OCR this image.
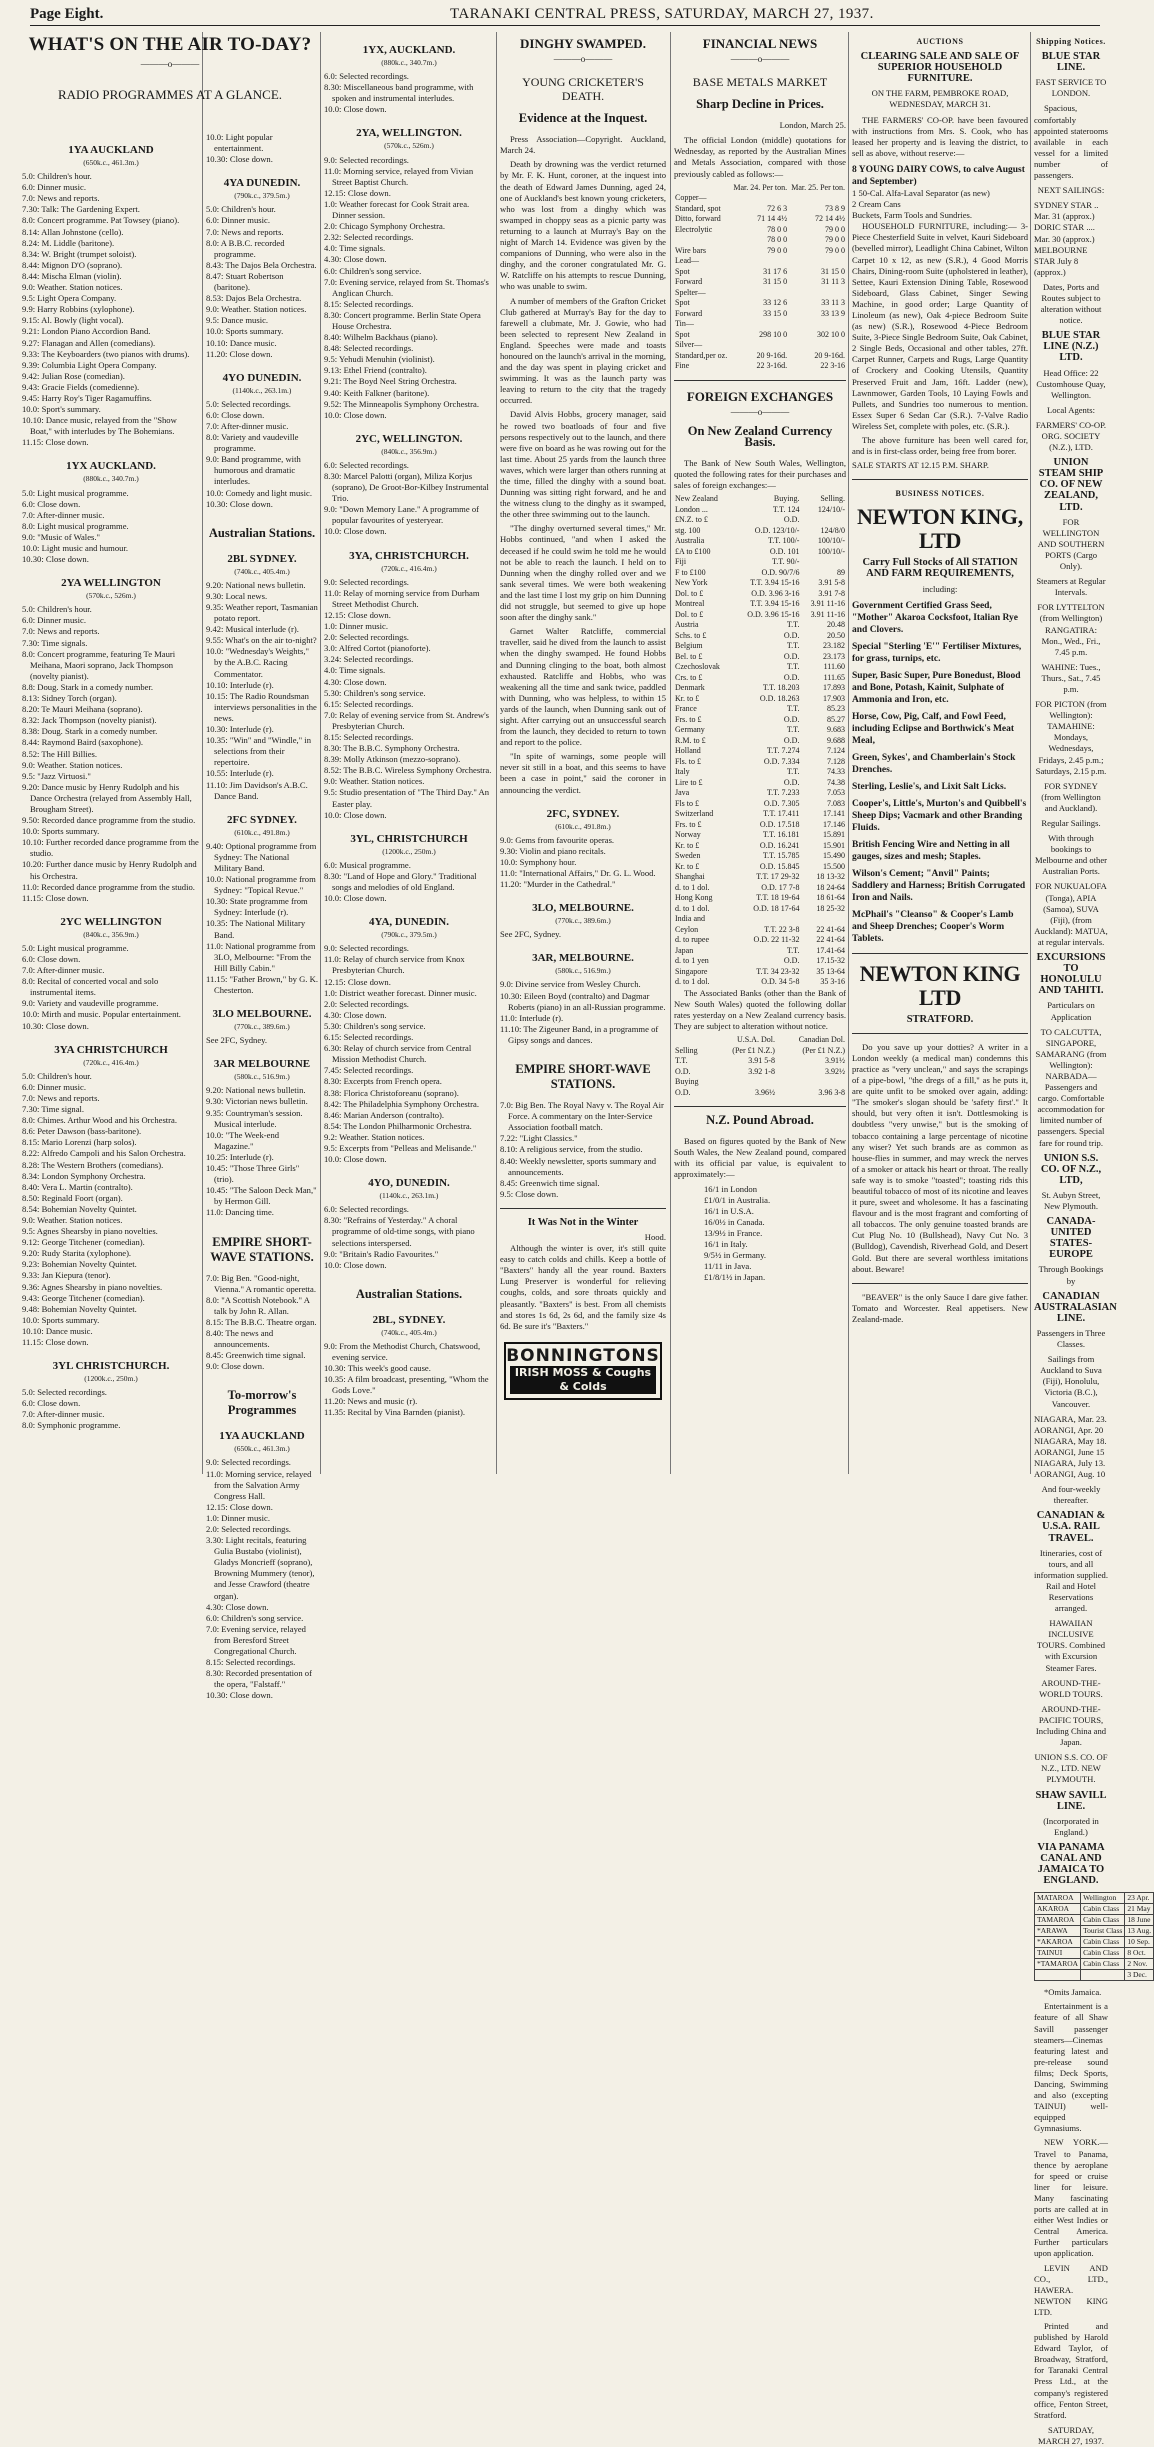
Page Eight.	TARANAKI CENTRAL PRESS, SATURDAY, MARCH 27, 1937.
WHAT'S ON THE AIR TO-DAY?
———o———
RADIO PROGRAMMES AT A GLANCE.
1YA AUCKLAND
(650k.c., 461.3m.)
5.0: Children's hour.
6.0: Dinner music.
7.0: News and reports.
7.30: Talk: The Gardening Expert.
8.0: Concert programme. Pat Towsey (piano).
8.14: Allan Johnstone (cello).
8.24: M. Liddle (baritone).
8.34: W. Bright (trumpet soloist).
8.44: Mignon D'O (soprano).
8.44: Mischa Elman (violin).
9.0: Weather. Station notices.
9.5: Light Opera Company.
9.9: Harry Robbins (xylophone).
9.15: Al. Bowly (light vocal).
9.21: London Piano Accordion Band.
9.27: Flanagan and Allen (comedians).
9.33: The Keyboarders (two pianos with drums).
9.39: Columbia Light Opera Company.
9.42: Julian Rose (comedian).
9.43: Gracie Fields (comedienne).
9.45: Harry Roy's Tiger Ragamuffins.
10.0: Sport's summary.
10.10: Dance music, relayed from the "Show Boat," with interludes by The Bohemians.
11.15: Close down.
1YX AUCKLAND.
(880k.c., 340.7m.)
5.0: Light musical programme.
6.0: Close down.
7.0: After-dinner music.
8.0: Light musical programme.
9.0: "Music of Wales."
10.0: Light music and humour.
10.30: Close down.
2YA WELLINGTON
(570k.c., 526m.)
5.0: Children's hour.
6.0: Dinner music.
7.0: News and reports.
7.30: Time signals.
8.0: Concert programme, featuring Te Mauri Meihana, Maori soprano, Jack Thompson (novelty pianist).
8.8: Doug. Stark in a comedy number.
8.13: Sidney Torch (organ).
8.20: Te Mauri Meihana (soprano).
8.32: Jack Thompson (novelty pianist).
8.38: Doug. Stark in a comedy number.
8.44: Raymond Baird (saxophone).
8.52: The Hill Billies.
9.0: Weather. Station notices.
9.5: "Jazz Virtuosi."
9.20: Dance music by Henry Rudolph and his Dance Orchestra (relayed from Assembly Hall, Brougham Street).
9.50: Recorded dance programme from the studio.
10.0: Sports summary.
10.10: Further recorded dance programme from the studio.
10.20: Further dance music by Henry Rudolph and his Orchestra.
11.0: Recorded dance programme from the studio.
11.15: Close down.
2YC WELLINGTON
(840k.c., 356.9m.)
5.0: Light musical programme.
6.0: Close down.
7.0: After-dinner music.
8.0: Recital of concerted vocal and solo instrumental items.
9.0: Variety and vaudeville programme.
10.0: Mirth and music. Popular entertainment.
10.30: Close down.
3YA CHRISTCHURCH
(720k.c., 416.4m.)
5.0: Children's hour.
6.0: Dinner music.
7.0: News and reports.
7.30: Time signal.
8.0: Chimes. Arthur Wood and his Orchestra.
8.6: Peter Dawson (bass-baritone).
8.15: Mario Lorenzi (harp solos).
8.22: Alfredo Campoli and his Salon Orchestra.
8.28: The Western Brothers (comedians).
8.34: London Symphony Orchestra.
8.40: Vera L. Martin (contralto).
8.50: Reginald Foort (organ).
8.54: Bohemian Novelty Quintet.
9.0: Weather. Station notices.
9.5: Agnes Shearsby in piano novelties.
9.12: George Titchener (comedian).
9.20: Rudy Starita (xylophone).
9.23: Bohemian Novelty Quintet.
9.33: Jan Kiepura (tenor).
9.36: Agnes Shearsby in piano novelties.
9.43: George Titchener (comedian).
9.48: Bohemian Novelty Quintet.
10.0: Sports summary.
10.10: Dance music.
11.15: Close down.
3YL CHRISTCHURCH.
(1200k.c., 250m.)
5.0: Selected recordings.
6.0: Close down.
7.0: After-dinner music.
8.0: Symphonic programme.
10.0: Light popular entertainment.
10.30: Close down.
4YA DUNEDIN.
(790k.c., 379.5m.)
5.0: Children's hour.
6.0: Dinner music.
7.0: News and reports.
8.0: A B.B.C. recorded programme.
8.43: The Dajos Bela Orchestra.
8.47: Stuart Robertson (baritone).
8.53: Dajos Bela Orchestra.
9.0: Weather. Station notices.
9.5: Dance music.
10.0: Sports summary.
10.10: Dance music.
11.20: Close down.
4YO DUNEDIN.
(1140k.c., 263.1m.)
5.0: Selected recordings.
6.0: Close down.
7.0: After-dinner music.
8.0: Variety and vaudeville programme.
9.0: Band programme, with humorous and dramatic interludes.
10.0: Comedy and light music.
10.30: Close down.
Australian Stations.
2BL SYDNEY.
(740k.c., 405.4m.)
9.20: National news bulletin.
9.30: Local news.
9.35: Weather report, Tasmanian potato report.
9.42: Musical interlude (r).
9.55: What's on the air to-night?
10.0: "Wednesday's Weights," by the A.B.C. Racing Commentator.
10.10: Interlude (r).
10.15: The Radio Roundsman interviews personalities in the news.
10.30: Interlude (r).
10.35: "Win" and "Windle," in selections from their repertoire.
10.55: Interlude (r).
11.10: Jim Davidson's A.B.C. Dance Band.
2FC SYDNEY.
(610k.c., 491.8m.)
9.40: Optional programme from Sydney: The National Military Band.
10.0: National programme from Sydney: "Topical Revue."
10.30: State programme from Sydney: Interlude (r).
10.35: The National Military Band.
11.0: National programme from 3LO, Melbourne: "From the Hill Billy Cabin."
11.15: "Father Brown," by G. K. Chesterton.
3LO MELBOURNE.
(770k.c., 389.6m.)
See 2FC, Sydney.
3AR MELBOURNE
(580k.c., 516.9m.)
9.20: National news bulletin.
9.30: Victorian news bulletin.
9.35: Countryman's session. Musical interlude.
10.0: "The Week-end Magazine."
10.25: Interlude (r).
10.45: "Those Three Girls" (trio).
10.45: "The Saloon Deck Man," by Hermon Gill.
11.0: Dancing time.
EMPIRE SHORT-WAVE STATIONS.
7.0: Big Ben. "Good-night, Vienna." A romantic operetta.
8.0: "A Scottish Notebook." A talk by John R. Allan.
8.15: The B.B.C. Theatre organ.
8.40: The news and announcements.
8.45: Greenwich time signal.
9.0: Close down.
To-morrow's Programmes
1YA AUCKLAND
(650k.c., 461.3m.)
9.0: Selected recordings.
11.0: Morning service, relayed from the Salvation Army Congress Hall.
12.15: Close down.
1.0: Dinner music.
2.0: Selected recordings.
3.30: Light recitals, featuring Gulia Bustabo (violinist), Gladys Moncrieff (soprano), Browning Mummery (tenor), and Jesse Crawford (theatre organ).
4.30: Close down.
6.0: Children's song service.
7.0: Evening service, relayed from Beresford Street Congregational Church.
8.15: Selected recordings.
8.30: Recorded presentation of the opera, "Falstaff."
10.30: Close down.
1YX, AUCKLAND.
(880k.c., 340.7m.)
6.0: Selected recordings.
8.30: Miscellaneous band programme, with spoken and instrumental interludes.
10.0: Close down.
2YA, WELLINGTON.
(570k.c., 526m.)
9.0: Selected recordings.
11.0: Morning service, relayed from Vivian Street Baptist Church.
12.15: Close down.
1.0: Weather forecast for Cook Strait area. Dinner session.
2.0: Chicago Symphony Orchestra.
2.32: Selected recordings.
4.0: Time signals.
4.30: Close down.
6.0: Children's song service.
7.0: Evening service, relayed from St. Thomas's Anglican Church.
8.15: Selected recordings.
8.30: Concert programme. Berlin State Opera House Orchestra.
8.40: Wilhelm Backhaus (piano).
8.48: Selected recordings.
9.5: Yehudi Menuhin (violinist).
9.13: Ethel Friend (contralto).
9.21: The Boyd Neel String Orchestra.
9.40: Keith Falkner (baritone).
9.52: The Minneapolis Symphony Orchestra.
10.0: Close down.
2YC, WELLINGTON.
(840k.c., 356.9m.)
6.0: Selected recordings.
8.30: Marcel Palotti (organ), Miliza Korjus (soprano), De Groot-Bor-Kilbey Instrumental Trio.
9.0: "Down Memory Lane." A programme of popular favourites of yesteryear.
10.0: Close down.
3YA, CHRISTCHURCH.
(720k.c., 416.4m.)
9.0: Selected recordings.
11.0: Relay of morning service from Durham Street Methodist Church.
12.15: Close down.
1.0: Dinner music.
2.0: Selected recordings.
3.0: Alfred Cortot (pianoforte).
3.24: Selected recordings.
4.0: Time signals.
4.30: Close down.
5.30: Children's song service.
6.15: Selected recordings.
7.0: Relay of evening service from St. Andrew's Presbyterian Church.
8.15: Selected recordings.
8.30: The B.B.C. Symphony Orchestra.
8.39: Molly Atkinson (mezzo-soprano).
8.52: The B.B.C. Wireless Symphony Orchestra.
9.0: Weather. Station notices.
9.5: Studio presentation of "The Third Day." An Easter play.
10.0: Close down.
3YL, CHRISTCHURCH
(1200k.c., 250m.)
6.0: Musical programme.
8.30: "Land of Hope and Glory." Traditional songs and melodies of old England.
10.0: Close down.
4YA, DUNEDIN.
(790k.c., 379.5m.)
9.0: Selected recordings.
11.0: Relay of church service from Knox Presbyterian Church.
12.15: Close down.
1.0: District weather forecast. Dinner music.
2.0: Selected recordings.
4.30: Close down.
5.30: Children's song service.
6.15: Selected recordings.
6.30: Relay of church service from Central Mission Methodist Church.
7.45: Selected recordings.
8.30: Excerpts from French opera.
8.38: Florica Christoforeanu (soprano).
8.42: The Philadelphia Symphony Orchestra.
8.46: Marian Anderson (contralto).
8.54: The London Philharmonic Orchestra.
9.2: Weather. Station notices.
9.5: Excerpts from "Pelleas and Melisande."
10.0: Close down.
4YO, DUNEDIN.
(1140k.c., 263.1m.)
6.0: Selected recordings.
8.30: "Refrains of Yesterday." A choral programme of old-time songs, with piano selections interspersed.
9.0: "Britain's Radio Favourites."
10.0: Close down.
Australian Stations.
2BL, SYDNEY.
(740k.c., 405.4m.)
9.0: From the Methodist Church, Chatswood, evening service.
10.30: This week's good cause.
10.35: A film broadcast, presenting, "Whom the Gods Love."
11.20: News and music (r).
11.35: Recital by Vina Barnden (pianist).
DINGHY SWAMPED.
———o———
YOUNG CRICKETER'S DEATH.
Evidence at the Inquest.
Press Association—Copyright. Auckland, March 24.
Death by drowning was the verdict returned by Mr. F. K. Hunt, coroner, at the inquest into the death of Edward James Dunning, aged 24, one of Auckland's best known young cricketers, who was lost from a dinghy which was swamped in choppy seas as a picnic party was returning to a launch at Murray's Bay on the night of March 14. Evidence was given by the companions of Dunning, who were also in the dinghy, and the coroner congratulated Mr. G. W. Ratcliffe on his attempts to rescue Dunning, who was unable to swim.
A number of members of the Grafton Cricket Club gathered at Murray's Bay for the day to farewell a clubmate, Mr. J. Gowie, who had been selected to represent New Zealand in England. Speeches were made and toasts honoured on the launch's arrival in the morning, and the day was spent in playing cricket and swimming. It was as the launch party was leaving to return to the city that the tragedy occurred.
David Alvis Hobbs, grocery manager, said he rowed two boatloads of four and five persons respectively out to the launch, and there were five on board as he was rowing out for the last time. About 25 yards from the launch three waves, which were larger than others running at the time, filled the dinghy with a sound boat. Dunning was sitting right forward, and he and the witness clung to the dinghy as it swamped, the other three swimming out to the launch.
"The dinghy overturned several times," Mr. Hobbs continued, "and when I asked the deceased if he could swim he told me he would not be able to reach the launch. I held on to Dunning when the dinghy rolled over and we sank several times. We were both weakening and the last time I lost my grip on him Dunning did not struggle, but seemed to give up hope soon after the dinghy sank."
Garnet Walter Ratcliffe, commercial traveller, said he dived from the launch to assist when the dinghy swamped. He found Hobbs and Dunning clinging to the boat, both almost exhausted. Ratcliffe and Hobbs, who was weakening all the time and sank twice, paddled with Dunning, who was helpless, to within 15 yards of the launch, when Dunning sank out of sight. After carrying out an unsuccessful search from the launch, they decided to return to town and report to the police.
"In spite of warnings, some people will never sit still in a boat, and this seems to have been a case in point," said the coroner in announcing the verdict.
2FC, SYDNEY.
(610k.c., 491.8m.)
9.0: Gems from favourite operas.
9.30: Violin and piano recitals.
10.0: Symphony hour.
11.0: "International Affairs," Dr. G. L. Wood.
11.20: "Murder in the Cathedral."
3LO, MELBOURNE.
(770k.c., 389.6m.)
See 2FC, Sydney.
3AR, MELBOURNE.
(580k.c., 516.9m.)
9.0: Divine service from Wesley Church.
10.30: Eileen Boyd (contralto) and Dagmar Roberts (piano) in an all-Russian programme.
11.0: Interlude (r).
11.10: The Zigeuner Band, in a programme of Gipsy songs and dances.
EMPIRE SHORT-WAVE STATIONS.
7.0: Big Ben. The Royal Navy v. The Royal Air Force. A commentary on the Inter-Service Association football match.
7.22: "Light Classics."
8.10: A religious service, from the studio.
8.40: Weekly newsletter, sports summary and announcements.
8.45: Greenwich time signal.
9.5: Close down.
It Was Not in the Winter
Hood.
Although the winter is over, it's still quite easy to catch colds and chills. Keep a bottle of "Baxters" handy all the year round. Baxters Lung Preserver is wonderful for relieving coughs, colds, and sore throats quickly and pleasantly. "Baxters" is best. From all chemists and stores 1s 6d, 2s 6d, and the family size 4s 6d. Be sure it's "Baxters."
BONNINGTONS
IRISH MOSS & Coughs & Colds
FINANCIAL NEWS
———o———
BASE METALS MARKET
Sharp Decline in Prices.
London, March 25.
The official London (middle) quotations for Wednesday, as reported by the Australian Mines and Metals Association, compared with those previously cabled as follows:—
	Mar. 24. Per ton.	Mar. 25. Per ton.
Copper—		
Standard, spot	72 6 3	73 8 9
Ditto, forward	71 14 4½	72 14 4½
Electrolytic	78 0 0	79 0 0
	78 0 0	79 0 0
Wire bars	79 0 0	79 0 0
Lead—		
Spot	31 17 6	31 15 0
Forward	31 15 0	31 11 3
Spelter—		
Spot	33 12 6	33 11 3
Forward	33 15 0	33 13 9
Tin—		
Spot	298 10 0	302 10 0
Silver—		
Standard,per oz.	20 9-16d.	20 9-16d.
Fine	22 3-16d.	22 3-16
FOREIGN EXCHANGES
———o———
On New Zealand Currency Basis.
The Bank of New South Wales, Wellington, quoted the following rates for their purchases and sales of foreign exchanges:—
New Zealand	Buying.	Selling.
London ...	T.T. 124	124/10/-
£N.Z. to £	O.D.	
stg. 100	O.D. 123/10/-	124/8/0
Australia	T.T. 100/-	100/10/-
£A to £100	O.D. 101	100/10/-
Fiji	T.T. 90/-	
F to £100	O.D. 90/7/6	89
New York	T.T. 3.94 15-16	3.91 5-8
Dol. to £	O.D. 3.96 3-16	3.91 7-8
Montreal	T.T. 3.94 15-16	3.91 11-16
Dol. to £	O.D. 3.96 15-16	3.91 11-16
Austria	T.T.	20.48
Schs. to £	O.D.	20.50
Belgium	T.T.	23.182
Bel. to £	O.D.	23.173
Czechoslovak	T.T.	111.60
Crs. to £	O.D.	111.65
Denmark	T.T. 18.203	17.893
Kr. to £	O.D. 18.263	17.903
France	T.T.	85.23
Frs. to £	O.D.	85.27
Germany	T.T.	9.683
R.M. to £	O.D.	9.688
Holland	T.T. 7.274	7.124
Fls. to £	O.D. 7.334	7.128
Italy	T.T.	74.33
Lire to £	O.D.	74.38
Java	T.T. 7.233	7.053
Fls to £	O.D. 7.305	7.083
Switzerland	T.T. 17.411	17.141
Frs. to £	O.D. 17.518	17.146
Norway	T.T. 16.181	15.891
Kr. to £	O.D. 16.241	15.901
Sweden	T.T. 15.785	15.490
Kr. to £	O.D. 15.845	15.500
Shanghai	T.T. 17 29-32	18 13-32
d. to 1 dol.	O.D. 17 7-8	18 24-64
Hong Kong	T.T. 18 19-64	18 61-64
d. to 1 dol.	O.D. 18 17-64	18 25-32
India and		
Ceylon	T.T. 22 3-8	22 41-64
d. to rupee	O.D. 22 11-32	22 41-64
Japan	T.T.	17.41-64
d. to 1 yen	O.D.	17.15-32
Singapore	T.T. 34 23-32	35 13-64
d. to 1 dol.	O.D. 34 5-8	35 3-16
The Associated Banks (other than the Bank of New South Wales) quoted the following dollar rates yesterday on a New Zealand currency basis. They are subject to alteration without notice.
	U.S.A. Dol.	Canadian Dol.
Selling	(Per £1 N.Z.)	(Per £1 N.Z.)
T.T.	3.91 5-8	3.91½
O.D.	3.92 1-8	3.92½
Buying		
O.D.	3.96½	3.96 3-8
N.Z. Pound Abroad.
Based on figures quoted by the Bank of New South Wales, the New Zealand pound, compared with its official par value, is equivalent to approximately:—
16/1 in London
£1/0/1 in Australia.
16/1 in U.S.A.
16/0½ in Canada.
13/9½ in France.
16/1 in Italy.
9/5½ in Germany.
11/11 in Java.
£1/8/1½ in Japan.
AUCTIONS
CLEARING SALE AND SALE OF SUPERIOR HOUSEHOLD FURNITURE.
ON THE FARM, PEMBROKE ROAD, WEDNESDAY, MARCH 31.
THE FARMERS' CO-OP. have been favoured with instructions from Mrs. S. Cook, who has leased her property and is leaving the district, to sell as above, without reserve:—
8 YOUNG DAIRY COWS, to calve August and September)
1 50-Cal. Alfa-Laval Separator (as new)
2 Cream Cans
Buckets, Farm Tools and Sundries.
HOUSEHOLD FURNITURE, including:— 3-Piece Chesterfield Suite in velvet, Kauri Sideboard (bevelled mirror), Leadlight China Cabinet, Wilton Carpet 10 x 12, as new (S.R.), 4 Good Morris Chairs, Dining-room Suite (upholstered in leather), Settee, Kauri Extension Dining Table, Rosewood Sideboard, Glass Cabinet, Singer Sewing Machine, in good order; Large Quantity of Linoleum (as new), Oak 4-piece Bedroom Suite (as new) (S.R.), Rosewood 4-Piece Bedroom Suite, 3-Piece Single Bedroom Suite, Oak Cabinet, 2 Single Beds, Occasional and other tables, 27ft. Carpet Runner, Carpets and Rugs, Large Quantity of Crockery and Cooking Utensils, Quantity Preserved Fruit and Jam, 16ft. Ladder (new), Lawnmower, Garden Tools, 10 Laying Fowls and Pullets, and Sundries too numerous to mention. Essex Super 6 Sedan Car (S.R.). 7-Valve Radio Wireless Set, complete with poles, etc. (S.R.).
The above furniture has been well cared for, and is in first-class order, being free from borer.
SALE STARTS AT 12.15 P.M. SHARP.
BUSINESS NOTICES.
NEWTON KING, LTD
Carry Full Stocks of All STATION AND FARM REQUIREMENTS,
including:
Government Certified Grass Seed, "Mother" Akaroa Cocksfoot, Italian Rye and Clovers.
Special "Sterling 'E'" Fertiliser Mixtures, for grass, turnips, etc.
Super, Basic Super, Pure Bonedust, Blood and Bone, Potash, Kainit, Sulphate of Ammonia and Iron, etc.
Horse, Cow, Pig, Calf, and Fowl Feed, including Eclipse and Borthwick's Meat Meal,
Green, Sykes', and Chamberlain's Stock Drenches.
Sterling, Leslie's, and Lixit Salt Licks.
Cooper's, Little's, Murton's and Quibbell's Sheep Dips; Vacmark and other Branding Fluids.
British Fencing Wire and Netting in all gauges, sizes and mesh; Staples.
Wilson's Cement; "Anvil" Paints; Saddlery and Harness; British Corrugated Iron and Nails.
McPhail's "Cleanso" & Cooper's Lamb and Sheep Drenches; Cooper's Worm Tablets.
NEWTON KING LTD
STRATFORD.
Do you save up your dotties? A writer in a London weekly (a medical man) condemns this practice as "very unclean," and says the scrapings of a pipe-bowl, "the dregs of a fill," as he puts it, are quite unfit to be smoked over again, adding: "The smoker's slogan should be 'safety first'." It should, but very often it isn't. Dottlesmoking is doubtless "very unwise," but is the smoking of tobacco containing a large percentage of nicotine any wiser? Yet such brands are as common as house-flies in summer, and may wreck the nerves of a smoker or attack his heart or throat. The really safe way is to smoke "toasted"; toasting rids this beautiful tobacco of most of its nicotine and leaves it pure, sweet and wholesome. It has a fascinating flavour and is the most fragrant and comforting of all tobaccos. The only genuine toasted brands are Cut Plug No. 10 (Bullshead), Navy Cut No. 3 (Bulldog), Cavendish, Riverhead Gold, and Desert Gold. But there are several worthless imitations about. Beware!
"BEAVER" is the only Sauce I dare give father. Tomato and Worcester. Real appetisers. New Zealand-made.
Shipping Notices.
BLUE STAR LINE.
FAST SERVICE TO LONDON.
Spacious, comfortably appointed staterooms available in each vessel for a limited number of passengers.
NEXT SAILINGS:
SYDNEY STAR .. Mar. 31 (approx.)
DORIC STAR .... Mar. 30 (approx.)
MELBOURNE STAR July 8 (approx.)
Dates, Ports and Routes subject to alteration without notice.
BLUE STAR LINE (N.Z.) LTD.
Head Office: 22 Customhouse Quay, Wellington.
Local Agents:
FARMERS' CO-OP. ORG. SOCIETY (N.Z.), LTD.
UNION STEAM SHIP CO. OF NEW ZEALAND, LTD.
FOR WELLINGTON AND SOUTHERN PORTS (Cargo Only).
Steamers at Regular Intervals.
FOR LYTTELTON (from Wellington) RANGATIRA: Mon., Wed., Fri., 7.45 p.m.
WAHINE: Tues., Thurs., Sat., 7.45 p.m.
FOR PICTON (from Wellington): TAMAHINE: Mondays, Wednesdays, Fridays, 2.45 p.m.; Saturdays, 2.15 p.m.
FOR SYDNEY (from Wellington and Auckland).
Regular Sailings.
With through bookings to Melbourne and other Australian Ports.
FOR NUKUALOFA (Tonga), APIA (Samoa), SUVA (Fiji), (from Auckland): MATUA, at regular intervals.
EXCURSIONS TO HONOLULU AND TAHITI.
Particulars on Application
TO CALCUTTA, SINGAPORE, SAMARANG (from Wellington): NARBADA—Passengers and cargo. Comfortable accommodation for limited number of passengers. Special fare for round trip.
UNION S.S. CO. OF N.Z., LTD,
St. Aubyn Street, New Plymouth.
CANADA-UNITED STATES-EUROPE
Through Bookings by
CANADIAN AUSTRALASIAN LINE.
Passengers in Three Classes.
Sailings from Auckland to Suva (Fiji), Honolulu, Victoria (B.C.), Vancouver.
NIAGARA, Mar. 23. AORANGI, Apr. 20
NIAGARA, May 18. AORANGI, June 15
NIAGARA, July 13. AORANGI, Aug. 10
And four-weekly thereafter.
CANADIAN & U.S.A. RAIL TRAVEL.
Itineraries, cost of tours, and all information supplied. Rail and Hotel Reservations arranged.
HAWAIIAN INCLUSIVE TOURS. Combined with Excursion Steamer Fares.
AROUND-THE-WORLD TOURS.
AROUND-THE-PACIFIC TOURS, Including China and Japan.
UNION S.S. CO. OF N.Z., LTD. NEW PLYMOUTH.
SHAW SAVILL LINE.
(Incorporated in England.)
VIA PANAMA CANAL AND JAMAICA TO ENGLAND.
MATAROA	Wellington	23 Apr.
AKAROA	Cabin Class	21 May
TAMAROA	Cabin Class	18 June
*ARAWA	Tourist Class	13 Aug.
*AKAROA	Cabin Class	10 Sep.
TAINUI	Cabin Class	8 Oct.
*TAMAROA	Cabin Class	2 Nov.
		3 Dec.
*Omits Jamaica.
Entertainment is a feature of all Shaw Savill passenger steamers—Cinemas featuring latest and pre-release sound films; Deck Sports, Dancing, Swimming and also (excepting TAINUI) well-equipped Gymnasiums.
NEW YORK.—Travel to Panama, thence by aeroplane for speed or cruise liner for leisure. Many fascinating ports are called at in either West Indies or Central America. Further particulars upon application.
LEVIN AND CO., LTD., HAWERA. NEWTON KING LTD.
Printed and published by Harold Edward Taylor, of Broadway, Stratford, for Taranaki Central Press Ltd., at the company's registered office, Fenton Street, Stratford.
SATURDAY, MARCH 27, 1937.
